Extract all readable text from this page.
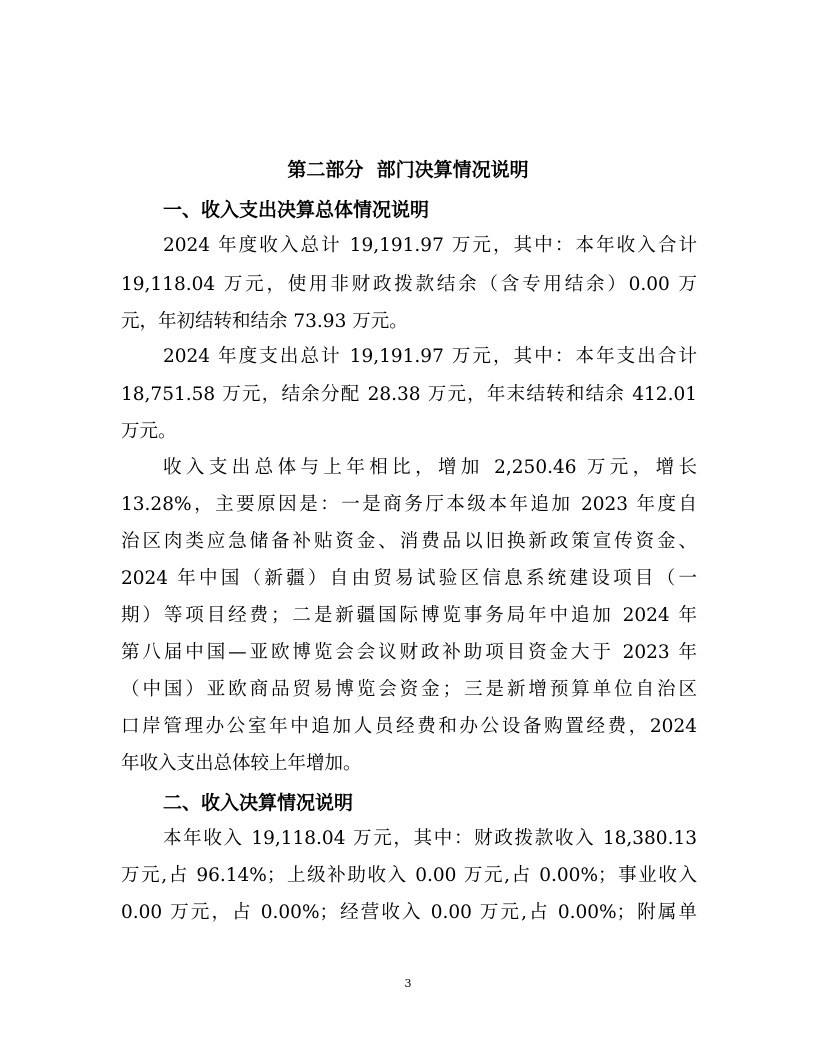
第二部分  部门决算情况说明
一、收入支出决算总体情况说明
2024 年度收入总计 19,191.97 万元，其中：本年收入合计
19,118.04 万元，使用非财政拨款结余（含专用结余）0.00 万
元，年初结转和结余 73.93 万元。
2024 年度支出总计 19,191.97 万元，其中：本年支出合计
18,751.58 万元，结余分配 28.38 万元，年末结转和结余 412.01
万元。
收入支出总体与上年相比，增加 2,250.46 万元，增长
13.28%，主要原因是：一是商务厅本级本年追加 2023 年度自
治区肉类应急储备补贴资金、消费品以旧换新政策宣传资金、
2024 年中国（新疆）自由贸易试验区信息系统建设项目（一
期）等项目经费；二是新疆国际博览事务局年中追加 2024 年
第八届中国—亚欧博览会会议财政补助项目资金大于 2023 年
（中国）亚欧商品贸易博览会资金；三是新增预算单位自治区
口岸管理办公室年中追加人员经费和办公设备购置经费，2024
年收入支出总体较上年增加。
二、收入决算情况说明
本年收入 19,118.04 万元，其中：财政拨款收入 18,380.13
万元,占 96.14%；上级补助收入 0.00 万元,占 0.00%；事业收入
0.00 万元，占 0.00%；经营收入 0.00 万元,占 0.00%；附属单
3
